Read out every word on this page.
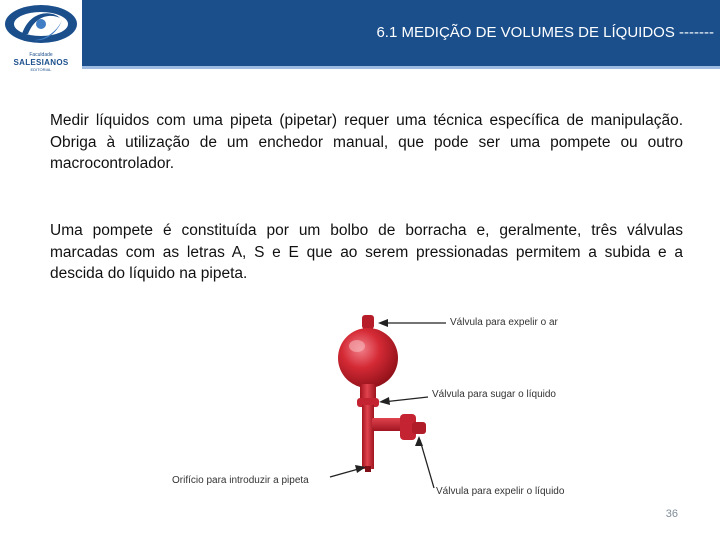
Faculdade
SALESIANOS
EDITORIAL
6.1 MEDIÇÃO DE VOLUMES DE LÍQUIDOS -------

Medir líquidos com uma pipeta (pipetar) requer uma técnica específica de manipulação. Obriga à utilização de um enchedor manual, que pode ser uma pompete ou outro macrocontrolador.

Uma pompete é constituída por um bolbo de borracha e, geralmente, três válvulas marcadas com as letras A, S e E que ao serem pressionadas permitem a subida e a descida do líquido na pipeta.

Válvula para expelir o ar
Válvula para sugar o líquido
Orifício para introduzir a pipeta
Válvula para expelir o líquido
36
